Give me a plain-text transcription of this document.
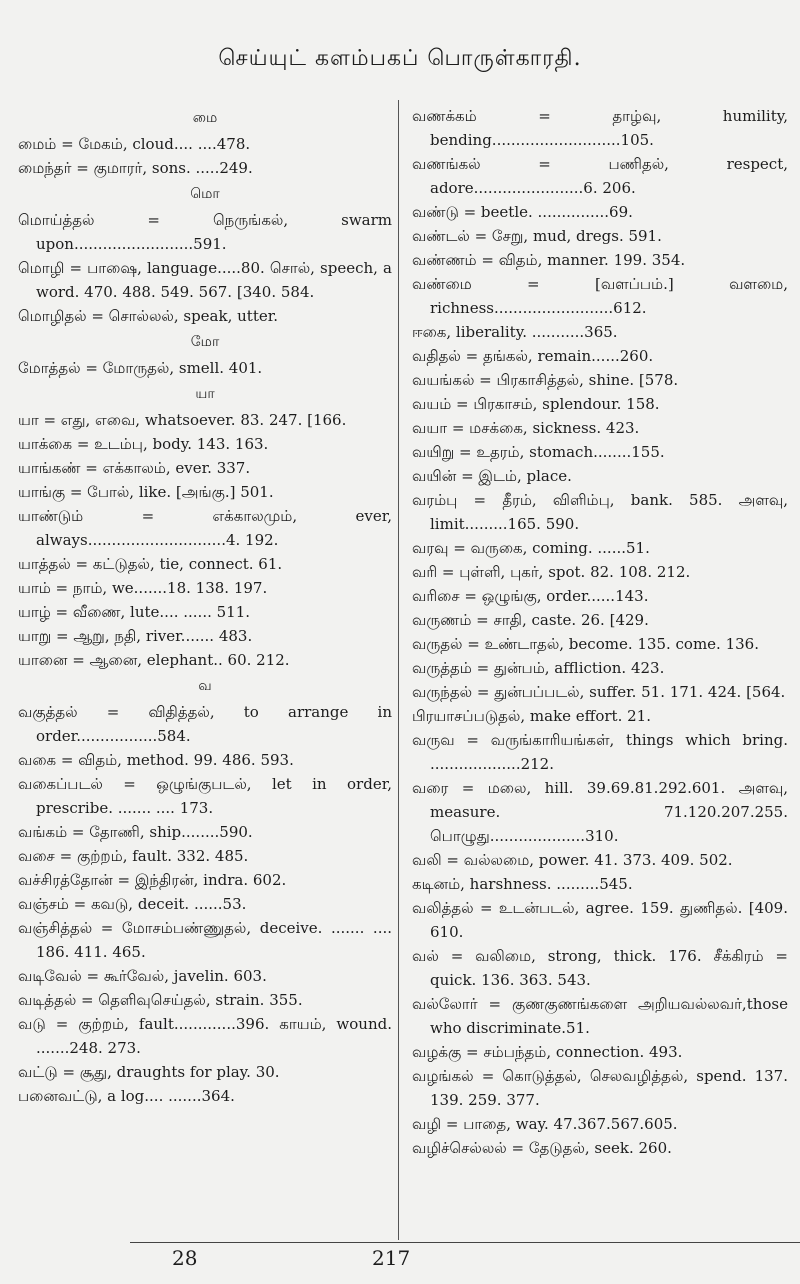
செய்யுட் களம்பகப் பொருள்காரதி.

மை

மைம் = மேகம், cloud.... ....478.

மைந்தர் = குமாரர், sons. .....249.

மொ

மொய்த்தல் = நெருங்கல், swarm upon.........................591.

மொழி = பாஷை, language.....80. சொல், speech, a word. 470. 488. 549. 567. [340. 584.

மொழிதல் = சொல்லல், speak, utter.

மோ

மோத்தல் = மோருதல், smell. 401.

யா

யா = எது, எவை, whatsoever. 83. 247. [166.

யாக்கை = உடம்பு, body. 143. 163.

யாங்கண் = எக்காலம், ever. 337.

யாங்கு = போல், like. [அங்கு.] 501.

யாண்டும் = எக்காலமும், ever, always.............................4. 192.

யாத்தல் = கட்டுதல், tie, connect. 61.

யாம் = நாம், we.......18. 138. 197.

யாழ் = வீணை, lute.... ...... 511.

யாறு = ஆறு, நதி, river....... 483.

யானை = ஆனை, elephant.. 60. 212.

வ

வகுத்தல் = விதித்தல், to arrange in order.................584.

வகை = விதம், method. 99. 486. 593.

வகைப்படல் = ஒழுங்குபடல், let in order, prescribe. ....... .... 173.

வங்கம் = தோணி, ship........590.

வசை = குற்றம், fault. 332. 485.

வச்சிரத்தோன் = இந்திரன், indra. 602.

வஞ்சம் = கவடு, deceit. ......53.

வஞ்சித்தல் = மோசம்பண்ணுதல், deceive. ....... .... 186. 411. 465.

வடிவேல் = கூர்வேல், javelin. 603.

வடித்தல் = தெளிவுசெய்தல், strain. 355.

வடு = குற்றம், fault.............396. காயம், wound. .......248. 273.

வட்டு = சூது, draughts for play. 30.

பனைவட்டு, a log.... .......364.

வணக்கம் = தாழ்வு, humility, bending...........................105.

வணங்கல் = பணிதல், respect, adore.......................6. 206.

வண்டு = beetle. ...............69.

வண்டல் = சேறு, mud, dregs. 591.

வண்ணம் = விதம், manner. 199. 354.

வண்மை = [வளப்பம்.] வளமை, richness.........................612.

ஈகை, liberality. ...........365.

வதிதல் = தங்கல், remain......260.

வயங்கல் = பிரகாசித்தல், shine. [578.

வயம் = பிரகாசம், splendour. 158.

வயா = மசக்கை, sickness. 423.

வயிறு = உதரம், stomach........155.

வயின் = இடம், place.

வரம்பு = தீரம், விளிம்பு, bank. 585. அளவு, limit.........165. 590.

வரவு = வருகை, coming. ......51.

வரி = புள்ளி, புகர், spot. 82. 108. 212.

வரிசை = ஒழுங்கு, order......143.

வருணம் = சாதி, caste. 26. [429.

வருதல் = உண்டாதல், become. 135. come. 136.

வருத்தம் = துன்பம், affliction. 423.

வருந்தல் = துன்பப்படல், suffer. 51. 171. 424. [564.

பிரயாசப்படுதல், make effort. 21.

வருவ = வருங்காரியங்கள், things which bring. ...................212.

வரை = மலை, hill. 39.69.81.292.601. அளவு, measure. 71.120.207.255. பொழுது....................310.

வலி = வல்லமை, power. 41. 373. 409. 502.

கடினம், harshness. .........545.

வலித்தல் = உடன்படல், agree. 159. துணிதல். [409. 610.

வல் = வலிமை, strong, thick. 176. சீக்கிரம் = quick. 136. 363. 543.

வல்லோர் = குணகுணங்களை அறியவல்லவர்,those who discriminate.51.

வழக்கு = சம்பந்தம், connection. 493.

வழங்கல் = கொடுத்தல், செலவழித்தல், spend. 137. 139. 259. 377.

வழி = பாதை, way. 47.367.567.605.

வழிச்செல்லல் = தேடுதல், seek. 260.

28	217
